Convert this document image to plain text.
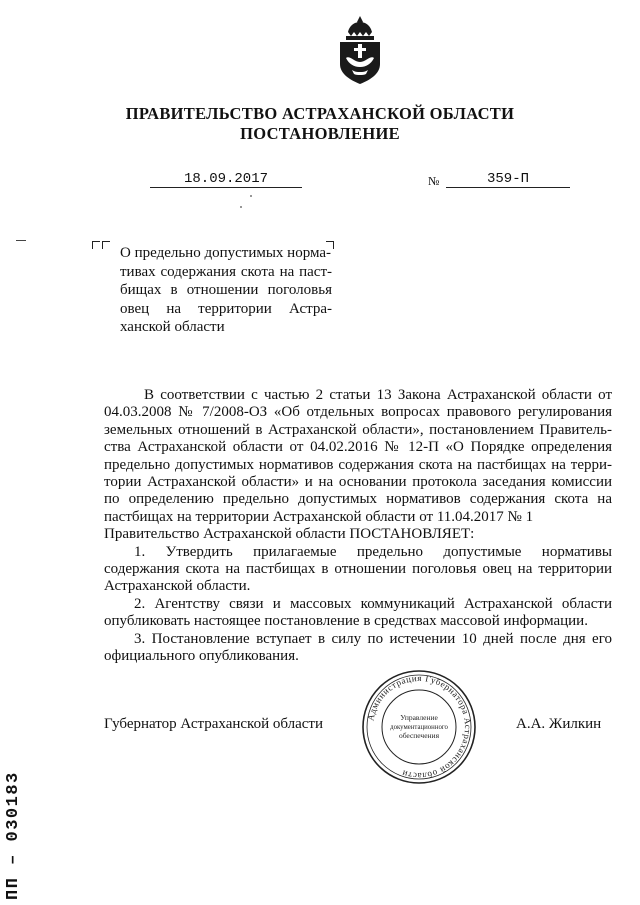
ПРАВИТЕЛЬСТВО АСТРАХАНСКОЙ ОБЛАСТИ
ПОСТАНОВЛЕНИЕ
18.09.2017	№	359-П
О предельно допустимых норма-
тивах содержания скота на паст-
бищах в отношении поголовья
овец на территории Астра-
ханской области
В соответствии с частью 2 статьи 13 Закона Астраханской области от
04.03.2008 № 7/2008-ОЗ «Об отдельных вопросах правового регулирования
земельных отношений в Астраханской области», постановлением Правитель-
ства Астраханской области от 04.02.2016 № 12-П «О Порядке определения
предельно допустимых нормативов содержания скота на пастбищах на терри-
тории Астраханской области» и на основании протокола заседания комиссии
по определению предельно допустимых нормативов содержания скота на
пастбищах на территории Астраханской области от 11.04.2017 № 1
Правительство Астраханской области ПОСТАНОВЛЯЕТ:
1. Утвердить прилагаемые предельно допустимые нормативы
содержания скота на пастбищах в отношении поголовья овец на территории
Астраханской области.
2. Агентству связи и массовых коммуникаций Астраханской области
опубликовать настоящее постановление в средствах массовой информации.
3. Постановление вступает в силу по истечении 10 дней после дня его
официального опубликования.
Губернатор Астраханской области	Администрация Губернатора Астраханской области
Управление
документационного
обеспечения
А.А. Жилкин
ПП – 030183
